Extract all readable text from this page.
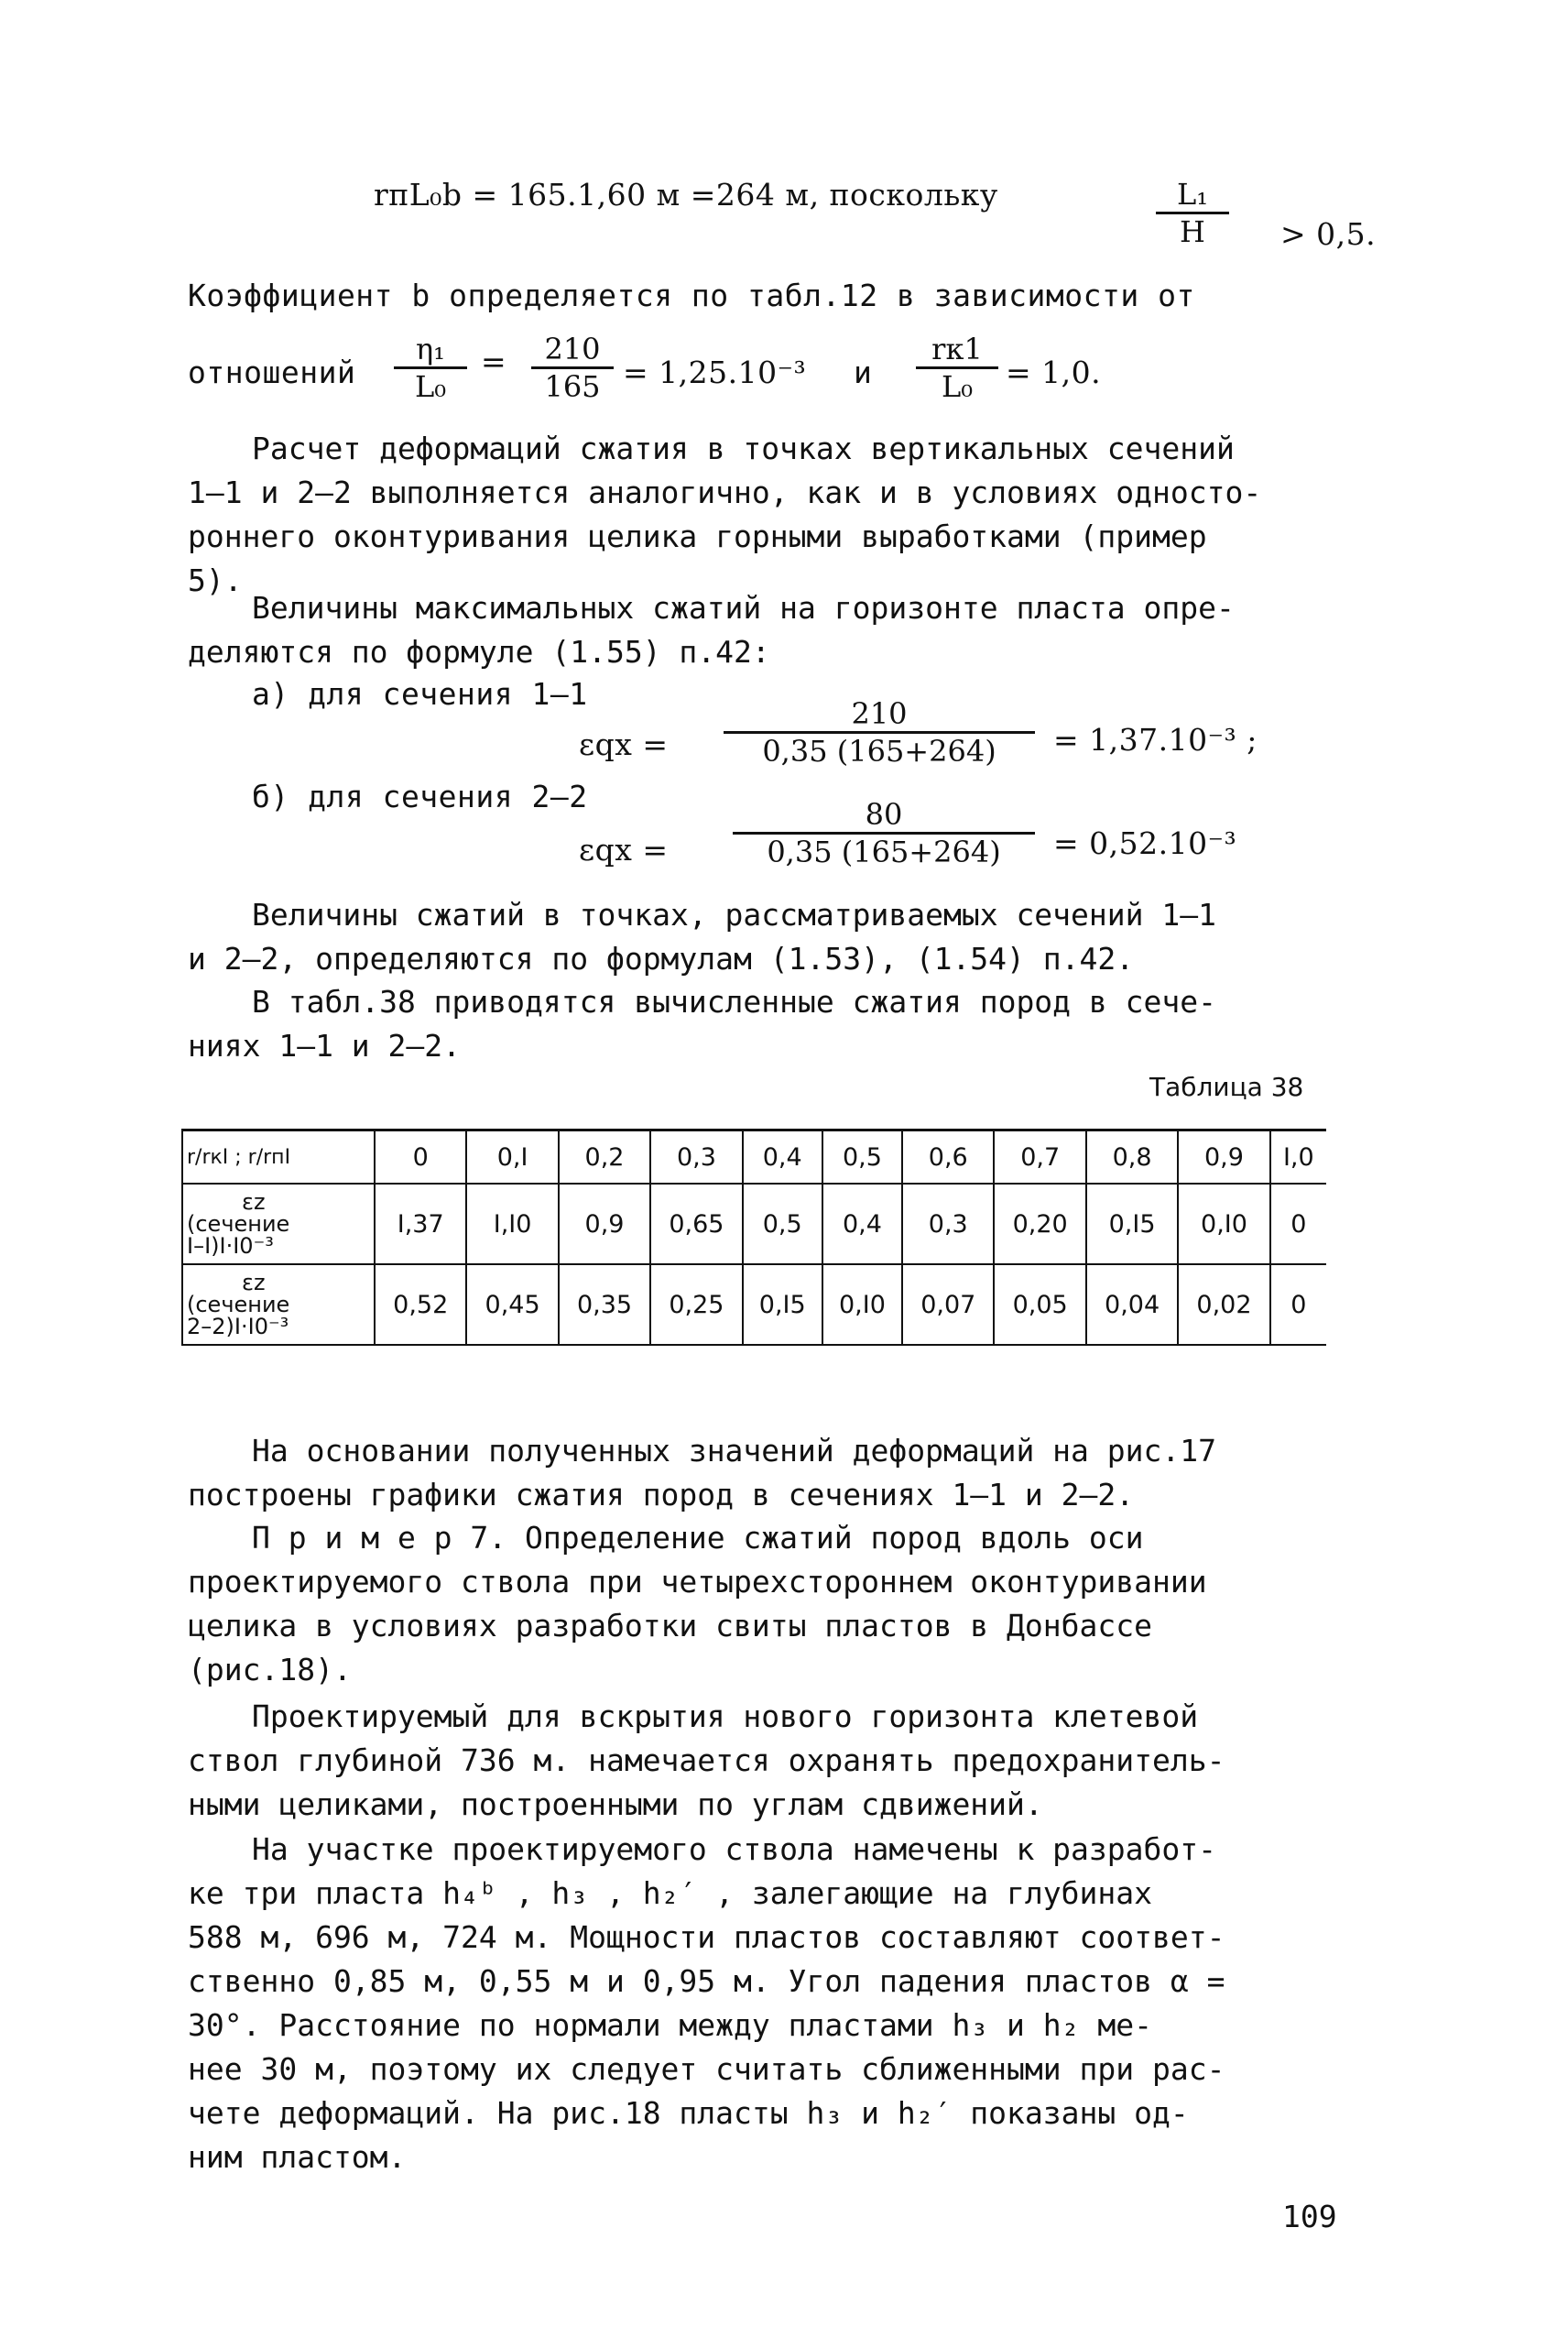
rпL₀b = 165.1,60 м =264 м, поскольку	$\frac{\text{L₁}}{H} > 0,5$.
Коэффициент b определяется по табл.12 в зависимости от
отношений $\frac{\text{η₁}}{\text{L₀}} = \frac{210}{165} = 1,25.10^{-3}$ и
rк1
L₀	= 1,0.
Расчет деформаций сжатия в точках вертикальных сечений
1–1 и 2–2 выполняется аналогично, как и в условиях односто-
роннего оконтуривания целика горными выработками (пример
5).
Величины максимальных сжатий на горизонте пласта опре-
деляются по формуле (1.55) п.42:
а) для сечения 1–1
$\varepsilon qx = \frac{210}{0,35 (165+264)} = 1,37.10^{-3}$ ;
б) для сечения 2–2
$\varepsilon qx = \frac{80}{0,35 (165+264)} = 0,52.10^{-3}$
Величины сжатий в точках, рассматриваемых сечений 1–1
и 2–2, определяются по формулам (1.53), (1.54) п.42.
В табл.38 приводятся вычисленные сжатия пород в сече-
ниях 1–1 и 2–2.
Таблица 38
r/rкI ; r/rпI	0	0,I	0,2	0,3	0,4	0,5	0,6	0,7	0,8	0,9	I,0

εz
(сечение
I–I)I·I0⁻³	I,37	I,I0	0,9	0,65	0,5	0,4	0,3	0,20	0,I5	0,I0	0

εz
(сечение
2–2)I·I0⁻³	0,52	0,45	0,35	0,25	0,I5	0,I0	0,07	0,05	0,04	0,02	0
На основании полученных значений деформаций на рис.17
построены графики сжатия пород в сечениях 1–1 и 2–2.
П р и м е р 7. Определение сжатий пород вдоль оси
проектируемого ствола при четырехстороннем оконтуривании
целика в условиях разработки свиты пластов в Донбассе
(рис.18).
Проектируемый для вскрытия нового горизонта клетевой
ствол глубиной 736 м. намечается охранять предохранитель-
ными целиками, построенными по углам сдвижений.
На участке проектируемого ствола намечены к разработ-
ке три пласта h₄ᵇ , h₃ , h₂′ , залегающие на глубинах
588 м, 696 м, 724 м. Мощности пластов составляют соответ-
ственно 0,85 м, 0,55 м и 0,95 м. Угол падения пластов α =
30°. Расстояние по нормали между пластами h₃ и h₂ ме-
нее 30 м, поэтому их следует считать сближенными при рас-
чете деформаций. На рис.18 пласты h₃ и h₂′ показаны од-
ним пластом.
109
